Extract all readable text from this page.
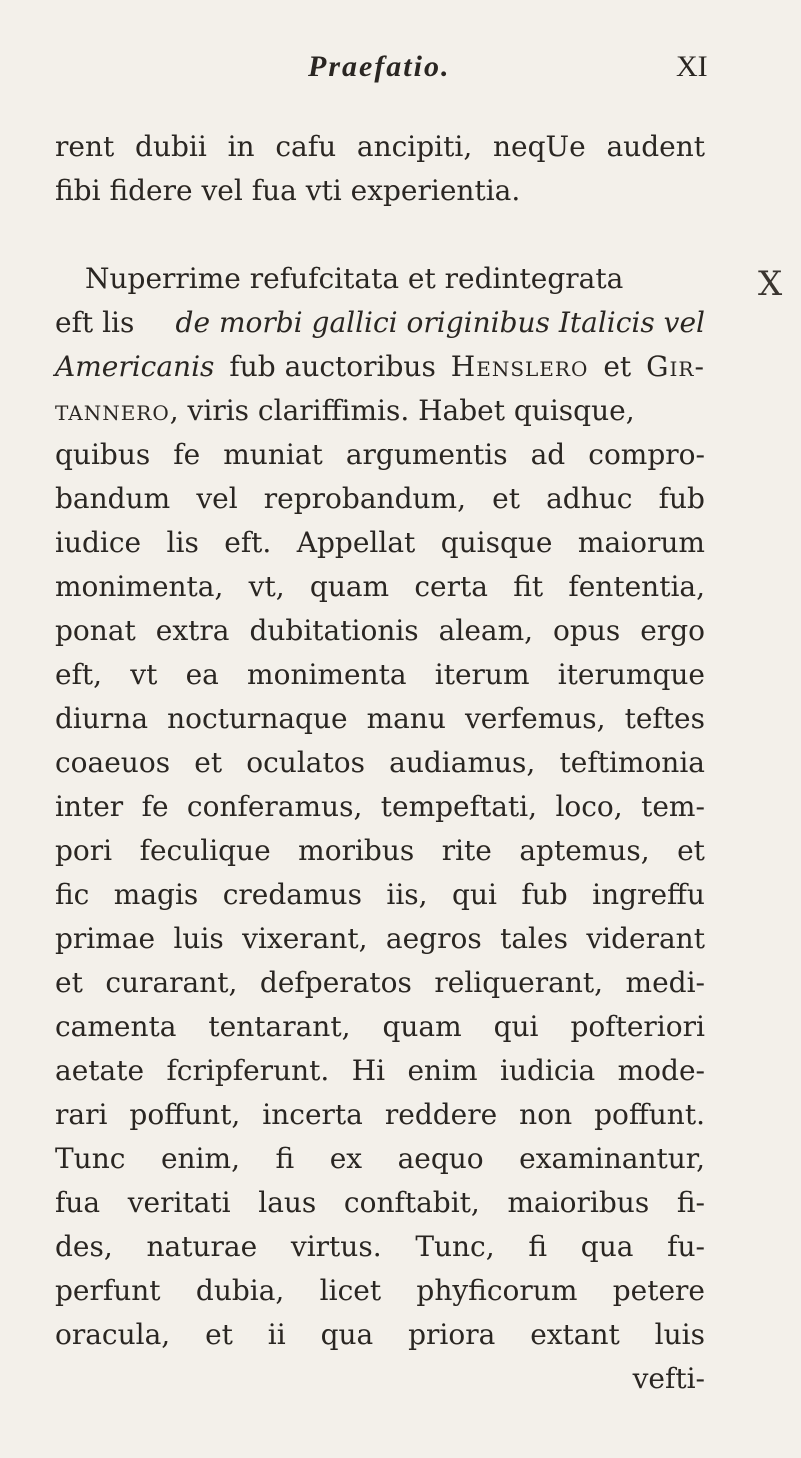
Praefatio.	XI
X
rent dubii in cafu ancipiti, neqUe audent
fibi fidere vel fua vti experientia.
Nuperrime refufcitata et redintegrata
eft lis de morbi gallici originibus Italicis vel
Americanis fub auctoribus Henslero et Gir-
tannero , viris clariffimis. Habet quisque,
quibus fe muniat argumentis ad compro-
bandum vel reprobandum, et adhuc fub
iudice lis eft. Appellat quisque maiorum
monimenta, vt, quam certa fit fententia,
ponat extra dubitationis aleam, opus ergo
eft, vt ea monimenta iterum iterumque
diurna nocturnaque manu verfemus, teftes
coaeuos et oculatos audiamus, teftimonia
inter fe conferamus, tempeftati, loco, tem-
pori feculique moribus rite aptemus, et
fic magis credamus iis, qui fub ingreffu
primae luis vixerant, aegros tales viderant
et curarant, defperatos reliquerant, medi-
camenta tentarant, quam qui pofteriori
aetate fcripferunt. Hi enim iudicia mode-
rari poffunt, incerta reddere non poffunt.
Tunc enim, fi ex aequo examinantur,
fua veritati laus conftabit, maioribus fi-
des, naturae virtus. Tunc, fi qua fu-
perfunt dubia, licet phyficorum petere
oracula, et ii qua priora extant luis
vefti-
